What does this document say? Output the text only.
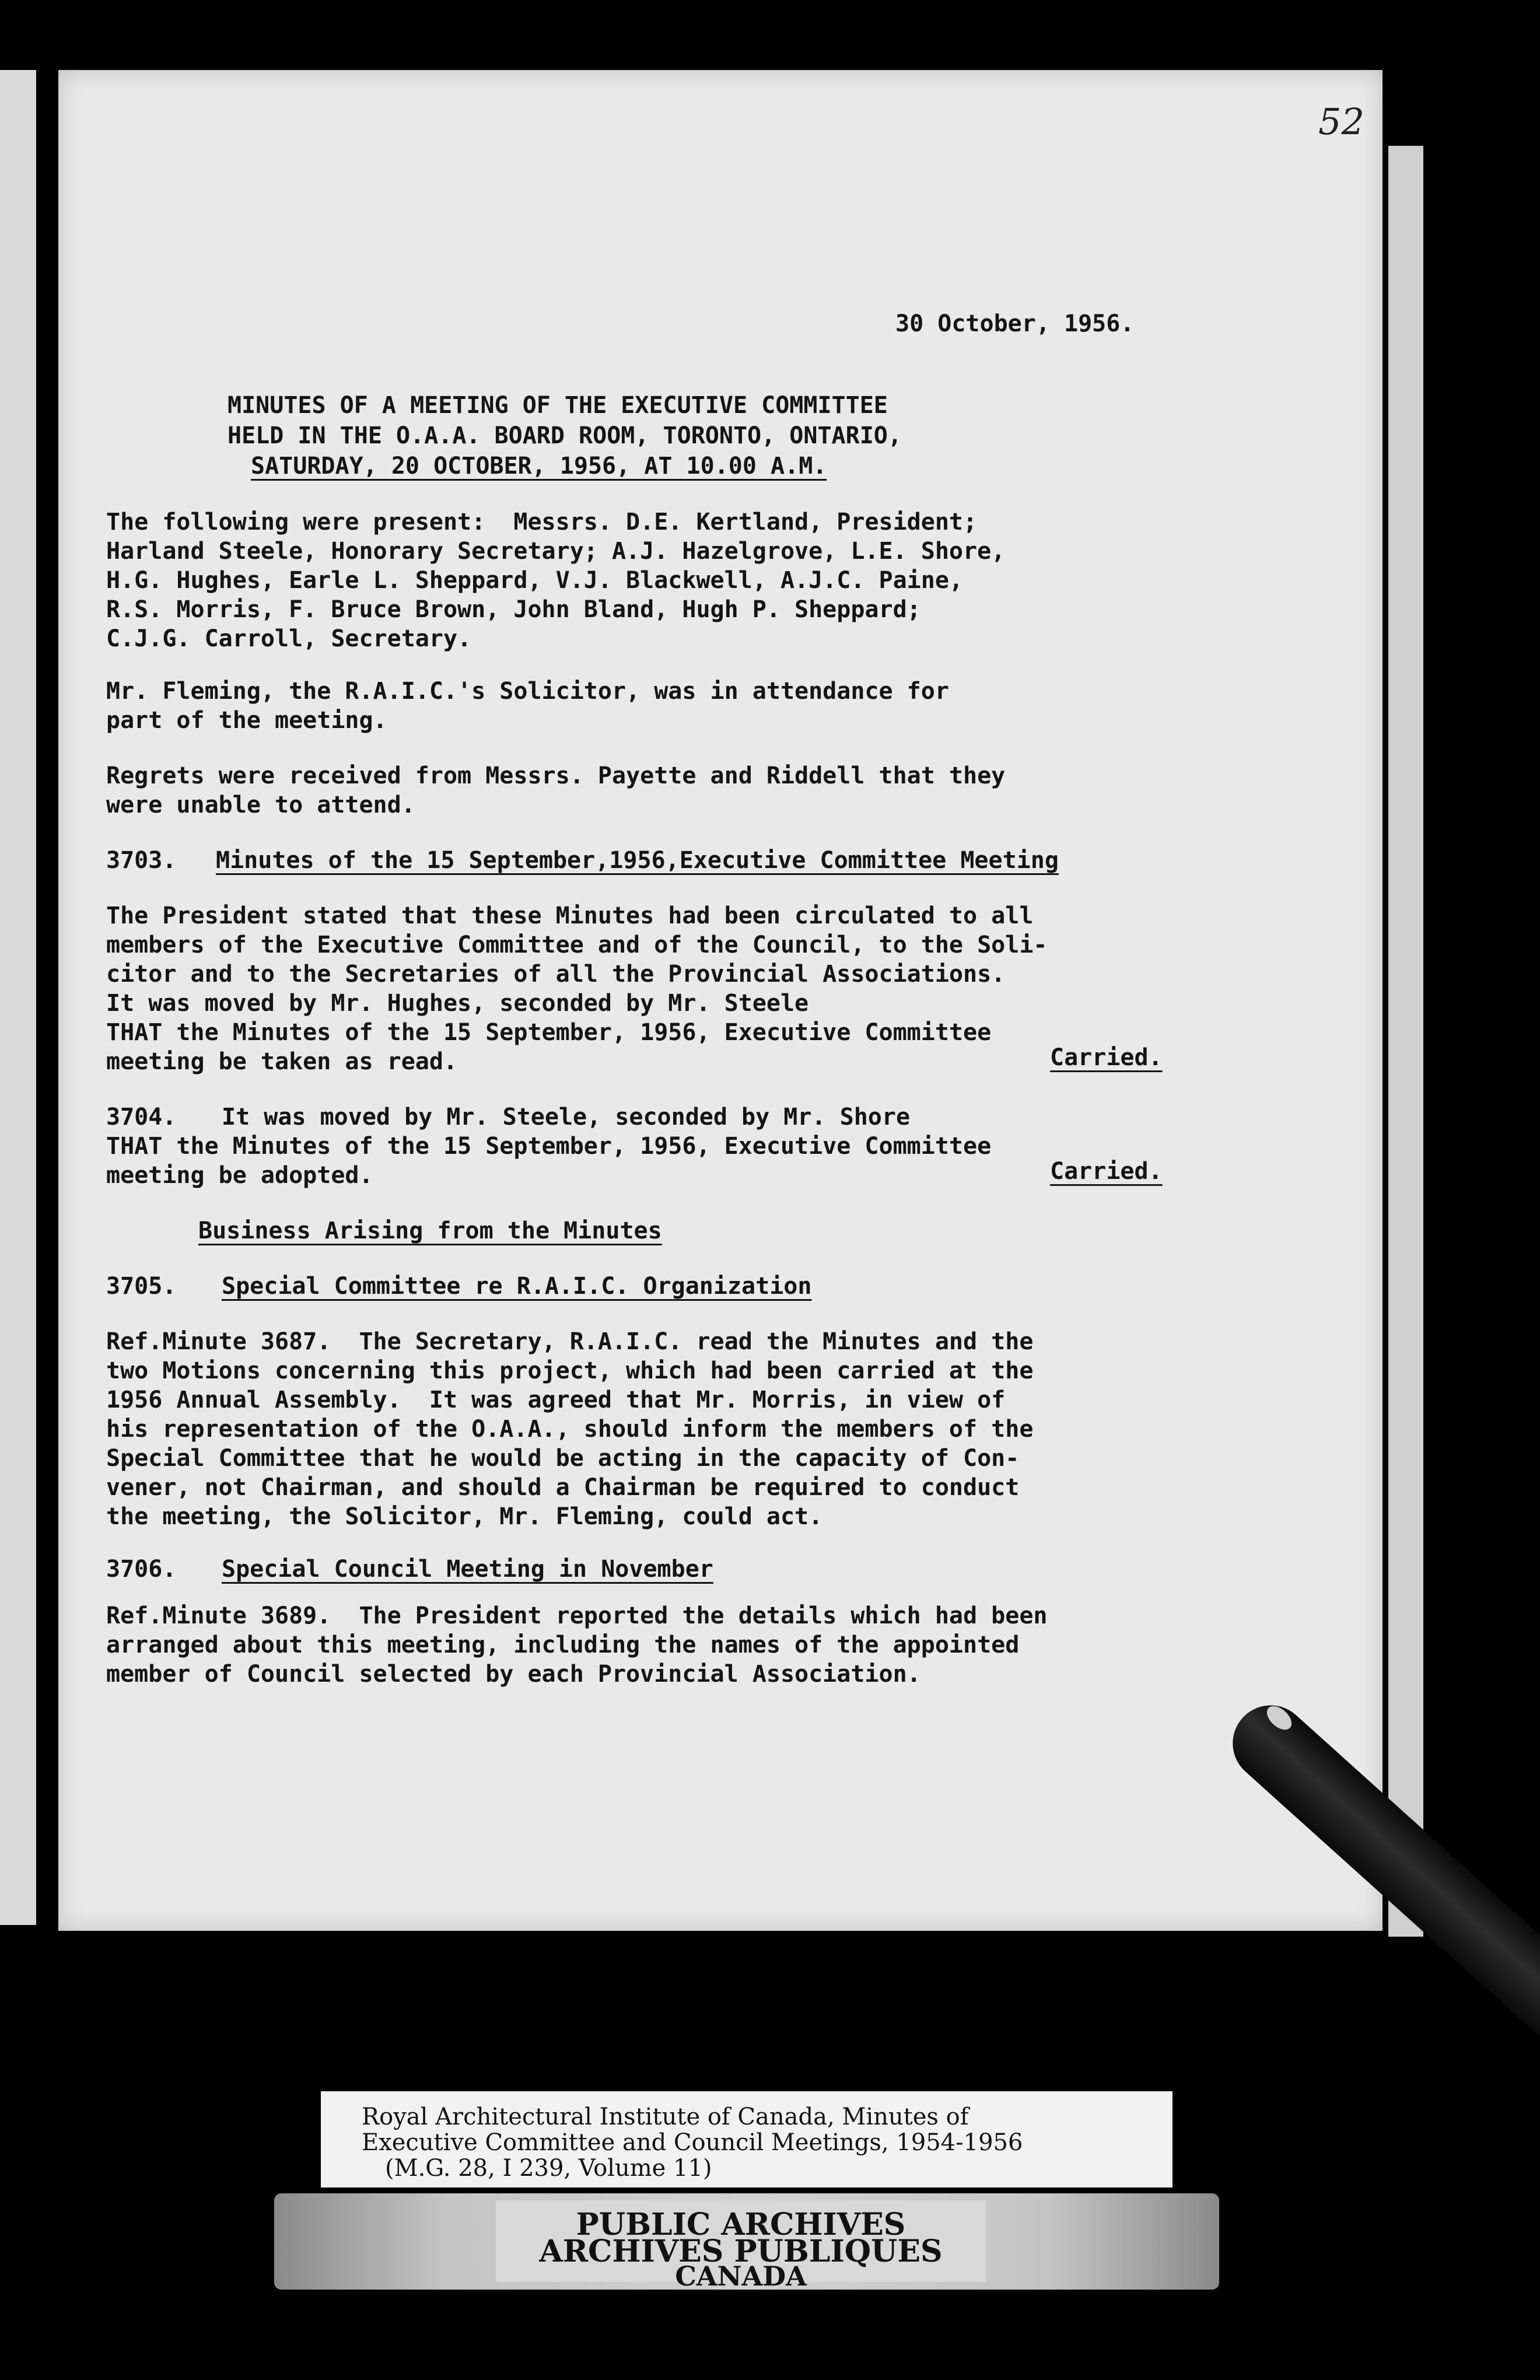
52
30 October, 1956.
MINUTES OF A MEETING OF THE EXECUTIVE COMMITTEE
HELD IN THE O.A.A. BOARD ROOM, TORONTO, ONTARIO,
SATURDAY, 20 OCTOBER, 1956, AT 10.00 A.M.
The following were present:  Messrs. D.E. Kertland, President;
Harland Steele, Honorary Secretary; A.J. Hazelgrove, L.E. Shore,
H.G. Hughes, Earle L. Sheppard, V.J. Blackwell, A.J.C. Paine,
R.S. Morris, F. Bruce Brown, John Bland, Hugh P. Sheppard;
C.J.G. Carroll, Secretary.
Mr. Fleming, the R.A.I.C.'s Solicitor, was in attendance for
part of the meeting.
Regrets were received from Messrs. Payette and Riddell that they
were unable to attend.
3703. Minutes of the 15 September,1956,Executive Committee Meeting
The President stated that these Minutes had been circulated to all
members of the Executive Committee and of the Council, to the Soli-
citor and to the Secretaries of all the Provincial Associations.
It was moved by Mr. Hughes, seconded by Mr. Steele
THAT the Minutes of the 15 September, 1956, Executive Committee
meeting be taken as read.	Carried.
3704. It was moved by Mr. Steele, seconded by Mr. Shore
THAT the Minutes of the 15 September, 1956, Executive Committee
meeting be adopted.	Carried.
Business Arising from the Minutes
3705. Special Committee re R.A.I.C. Organization
Ref.Minute 3687.  The Secretary, R.A.I.C. read the Minutes and the
two Motions concerning this project, which had been carried at the
1956 Annual Assembly.  It was agreed that Mr. Morris, in view of
his representation of the O.A.A., should inform the members of the
Special Committee that he would be acting in the capacity of Con-
vener, not Chairman, and should a Chairman be required to conduct
the meeting, the Solicitor, Mr. Fleming, could act.
3706. Special Council Meeting in November
Ref.Minute 3689.  The President reported the details which had been
arranged about this meeting, including the names of the appointed
member of Council selected by each Provincial Association.
Royal Architectural Institute of Canada, Minutes of
Executive Committee and Council Meetings, 1954-1956
(M.G. 28, I 239, Volume 11)
PUBLIC ARCHIVES
ARCHIVES PUBLIQUES
CANADA
